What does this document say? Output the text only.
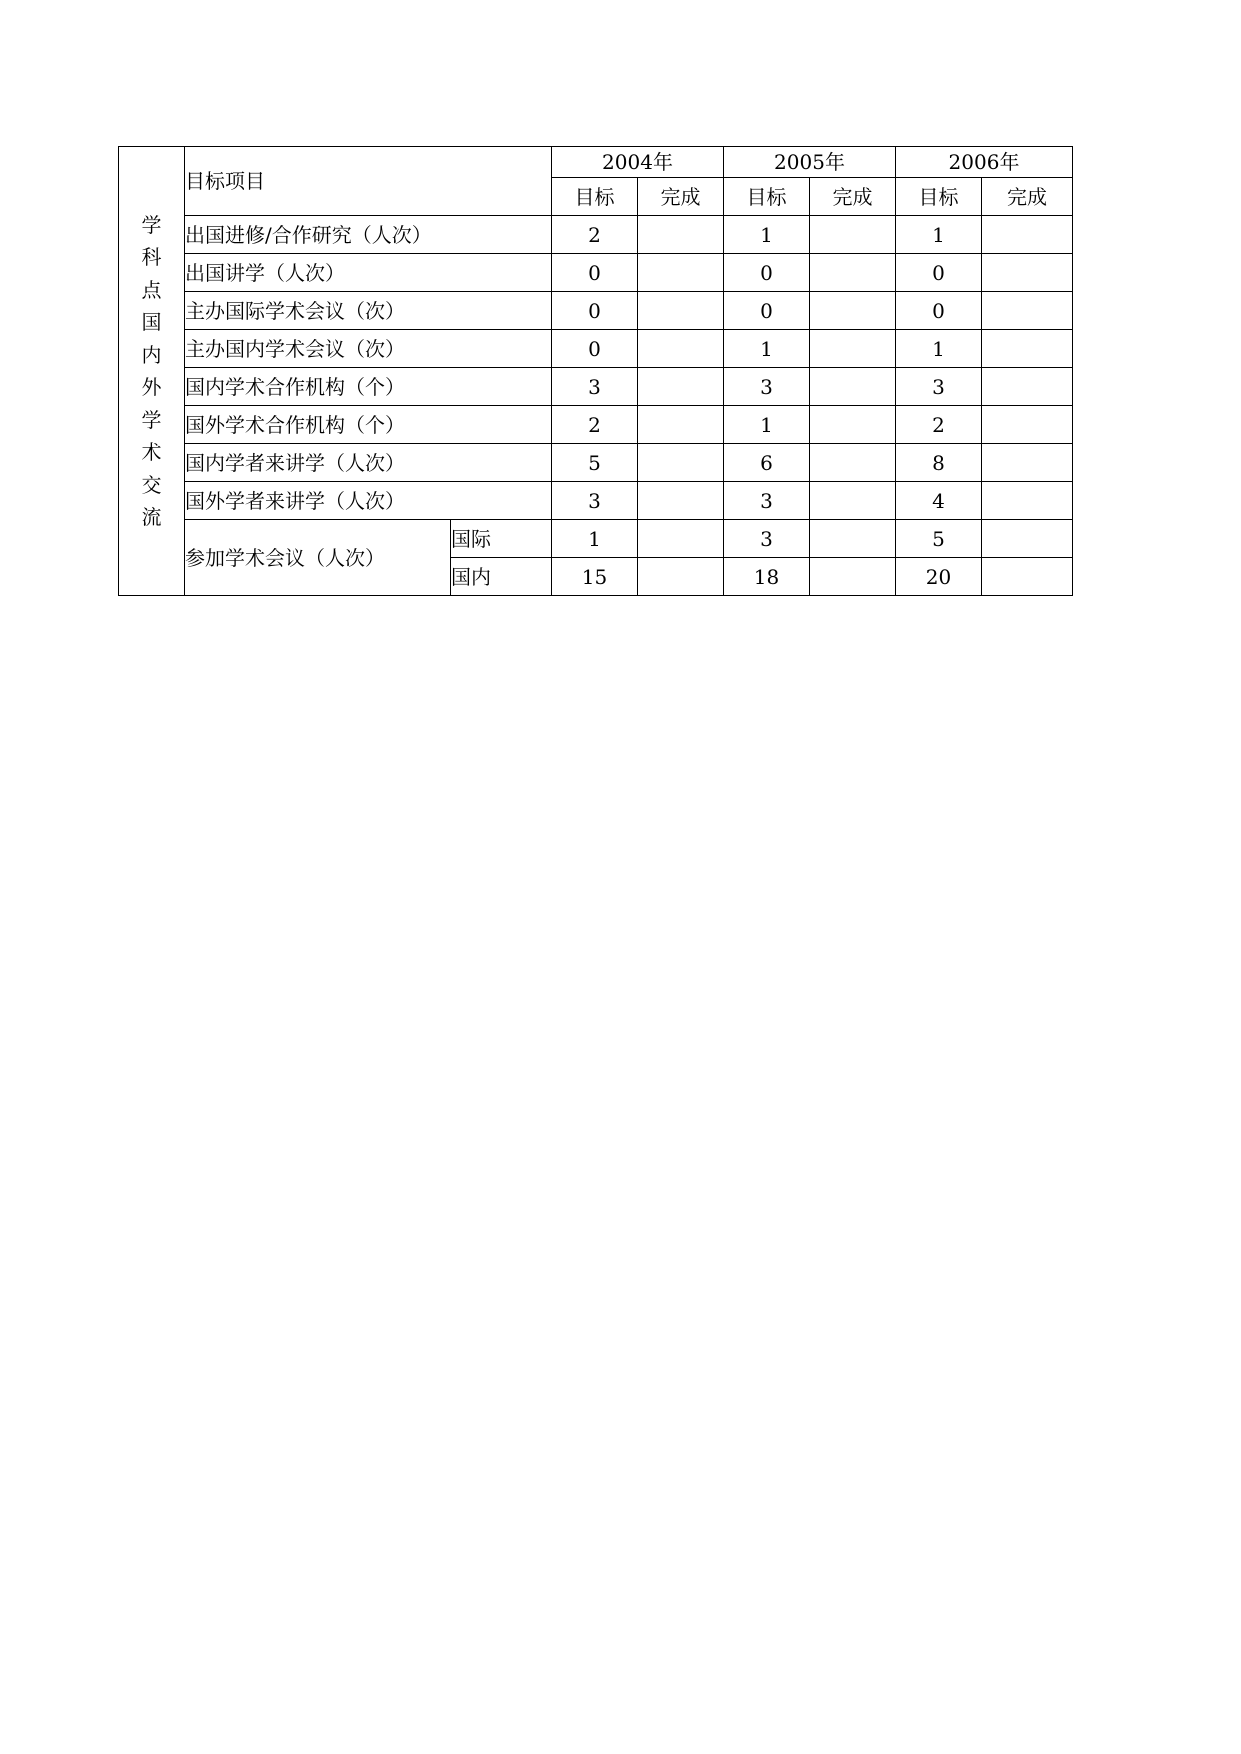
学科点国内外学术交流	目标项目		2004年		2005年		2006年	
			目标	完成	目标	完成	目标	完成
	出国进修/合作研究（人次）		2		1		1	
	出国讲学（人次）		0		0		0	
	主办国际学术会议（次）		0		0		0	
	主办国内学术会议（次）		0		1		1	
	国内学术合作机构（个）		3		3		3	
	国外学术合作机构（个）		2		1		2	
	国内学者来讲学（人次）		5		6		8	
	国外学者来讲学（人次）		3		3		4	
	参加学术会议（人次）	国际	1		3		5	
		国内	15		18		20	
